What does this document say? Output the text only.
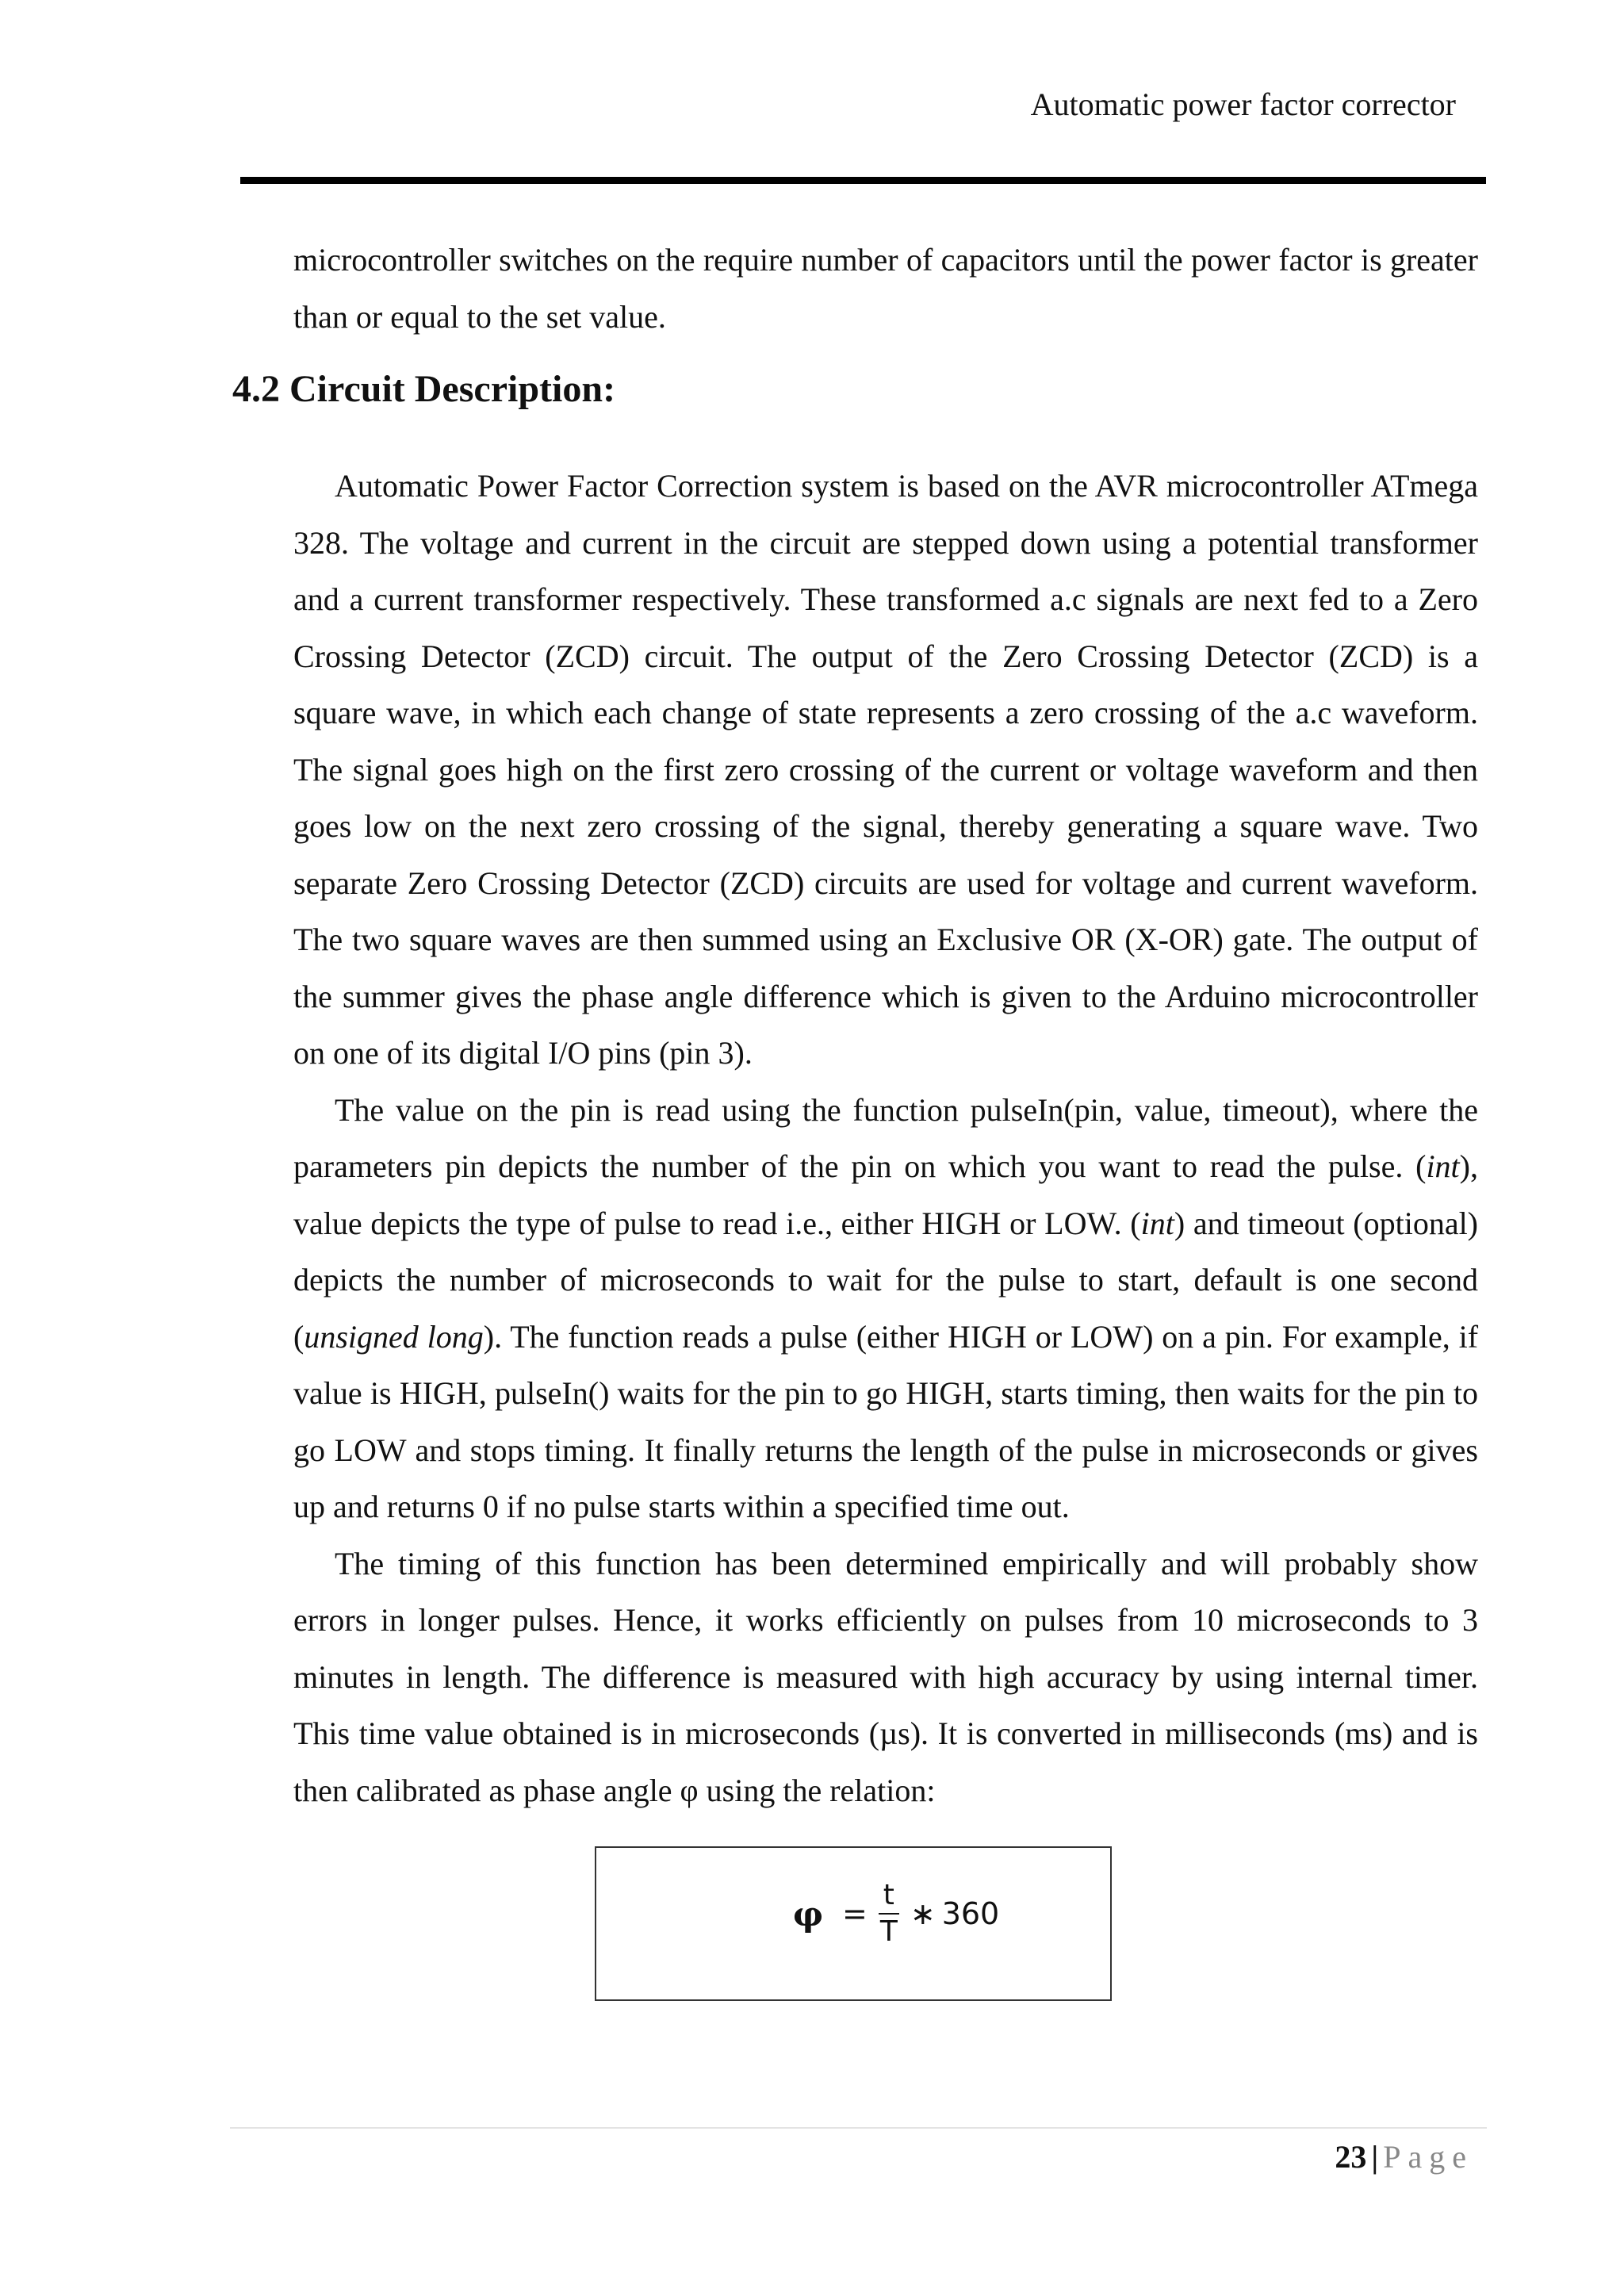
Automatic power factor corrector

microcontroller switches on the require number of capacitors until the power factor is greater than or equal to the set value.

4.2 Circuit Description:

Automatic Power Factor Correction system is based on the AVR microcontroller ATmega 328. The voltage and current in the circuit are stepped down using a potential transformer and a current transformer respectively. These transformed a.c signals are next fed to a Zero Crossing Detector (ZCD) circuit. The output of the Zero Crossing Detector (ZCD) is a square wave, in which each change of state represents a zero crossing of the a.c waveform. The signal goes high on the first zero crossing of the current or voltage waveform and then goes low on the next zero crossing of the signal, thereby generating a square wave. Two separate Zero Crossing Detector (ZCD) circuits are used for voltage and current waveform. The two square waves are then summed using an Exclusive OR (X-OR) gate. The output of the summer gives the phase angle difference which is given to the Arduino microcontroller on one of its digital I/O pins (pin 3).

The value on the pin is read using the function pulseIn(pin, value, timeout), where the parameters pin depicts the number of the pin on which you want to read the pulse. (int), value depicts the type of pulse to read i.e., either HIGH or LOW. (int) and timeout (optional) depicts the number of microseconds to wait for the pulse to start, default is one second (unsigned long). The function reads a pulse (either HIGH or LOW) on a pin. For example, if value is HIGH, pulseIn() waits for the pin to go HIGH, starts timing, then waits for the pin to go LOW and stops timing. It finally returns the length of the pulse in microseconds or gives up and returns 0 if no pulse starts within a specified time out.

The timing of this function has been determined empirically and will probably show errors in longer pulses. Hence, it works efficiently on pulses from 10 microseconds to 3 minutes in length. The difference is measured with high accuracy by using internal timer. This time value obtained is in microseconds (µs). It is converted in milliseconds (ms) and is then calibrated as phase angle φ using the relation:

$\varphi = \frac{t}{T}$ ∗ 360
23 | Page
